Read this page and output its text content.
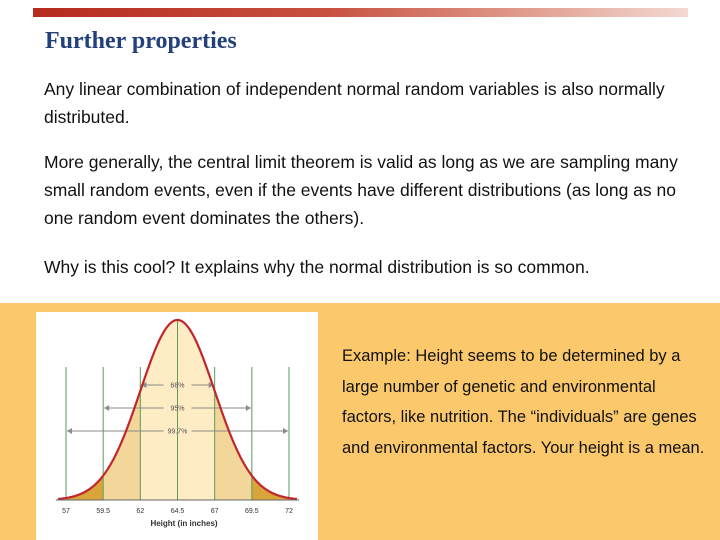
Further properties
Any linear combination of independent normal random variables is also normally distributed.
More generally, the central limit theorem is valid as long as we are sampling many small random events, even if the events have different distributions (as long as no one random event dominates the others).
Why is this cool? It explains why the normal distribution is so common.
68%
95%
99.7%
57	59.5	62	64.5	67	69.5	72
Height (in inches)
Example: Height seems to be determined by a large number of genetic and environmental factors, like nutrition. The “individuals” are genes and environmental factors. Your height is a mean.
